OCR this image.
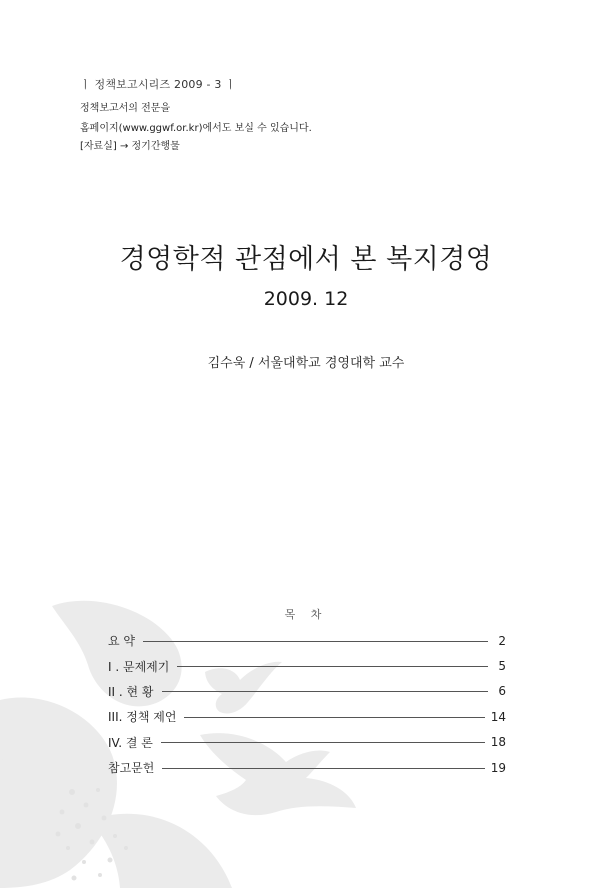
ㅣ 정책보고시리즈 2009 - 3 ㅣ
정책보고서의 전문을
홈페이지(www.ggwf.or.kr)에서도 보실 수 있습니다.
[자료실] → 정기간행물
경영학적 관점에서 본 복지경영
2009. 12
김수욱 / 서울대학교 경영대학 교수
목 차
요 약	2
I . 문제제기	5
II . 현 황	6
III. 정책 제언	14
IV. 결 론	18
참고문헌	19
